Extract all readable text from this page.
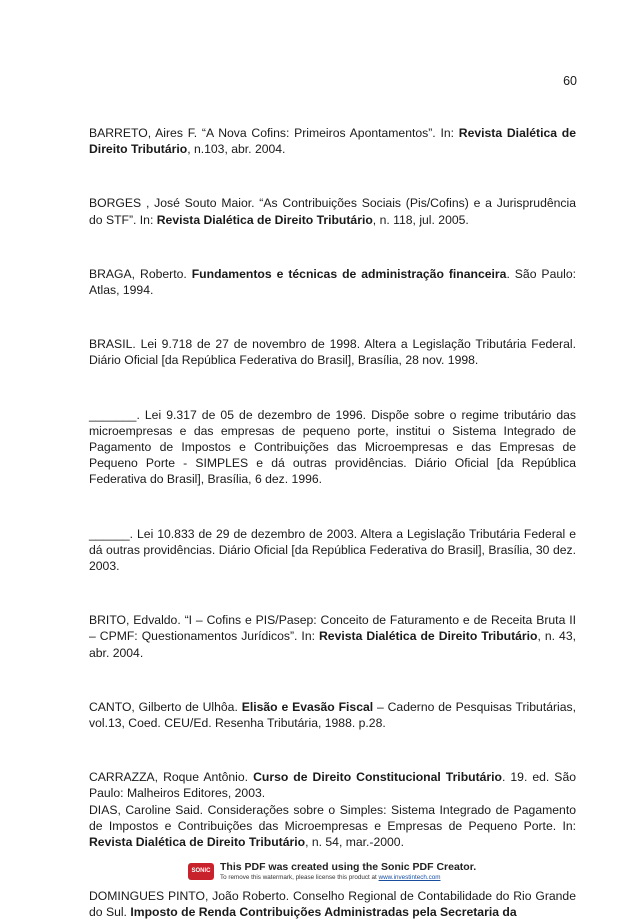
60

BARRETO, Aires F. “A Nova Cofins: Primeiros Apontamentos”. In: Revista Dialética de Direito Tributário, n.103, abr. 2004.

BORGES , José Souto Maior. “As Contribuições Sociais (Pis/Cofins) e a Jurisprudência do STF”. In: Revista Dialética de Direito Tributário, n. 118, jul. 2005.

BRAGA, Roberto. Fundamentos e técnicas de administração financeira. São Paulo: Atlas, 1994.

BRASIL. Lei 9.718 de 27 de novembro de 1998. Altera a Legislação Tributária Federal. Diário Oficial [da República Federativa do Brasil], Brasília, 28 nov. 1998.

_______. Lei 9.317 de 05 de dezembro de 1996. Dispõe sobre o regime tributário das microempresas e das empresas de pequeno porte, institui o Sistema Integrado de Pagamento de Impostos e Contribuições das Microempresas e das Empresas de Pequeno Porte - SIMPLES e dá outras providências. Diário Oficial [da República Federativa do Brasil], Brasília, 6 dez. 1996.

______. Lei 10.833 de 29 de dezembro de 2003. Altera a Legislação Tributária Federal e dá outras providências. Diário Oficial [da República Federativa do Brasil], Brasília, 30 dez. 2003.

BRITO, Edvaldo. “I – Cofins e PIS/Pasep: Conceito de Faturamento e de Receita Bruta II – CPMF: Questionamentos Jurídicos”. In: Revista Dialética de Direito Tributário, n. 43, abr. 2004.

CANTO, Gilberto de Ulhôa. Elisão e Evasão Fiscal – Caderno de Pesquisas Tributárias, vol.13, Coed. CEU/Ed. Resenha Tributária, 1988. p.28.

CARRAZZA, Roque Antônio. Curso de Direito Constitucional Tributário. 19. ed. São Paulo: Malheiros Editores, 2003.

DIAS, Caroline Said. Considerações sobre o Simples: Sistema Integrado de Pagamento de Impostos e Contribuições das Microempresas e Empresas de Pequeno Porte. In: Revista Dialética de Direito Tributário, n. 54, mar.-2000.

DOMINGUES PINTO, João Roberto. Conselho Regional de Contabilidade do Rio Grande do Sul. Imposto de Renda Contribuições Administradas pela Secretaria da

SONIC This PDF was created using the Sonic PDF Creator.
To remove this watermark, please license this product at www.investintech.com
